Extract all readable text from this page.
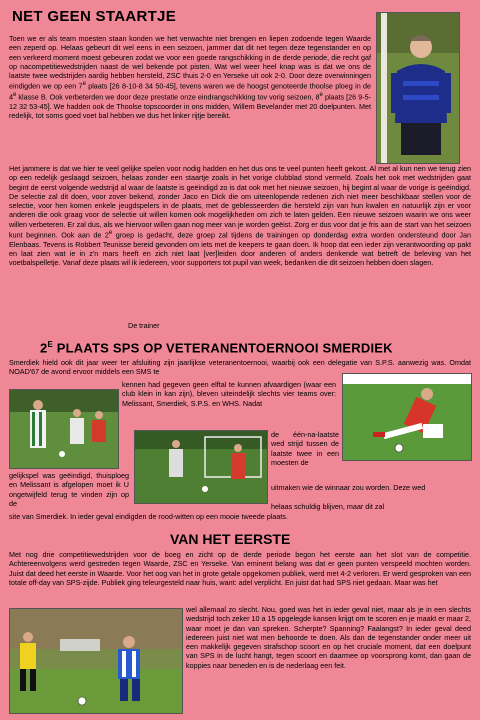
NET GEEN STAARTJE

Toen we er als team moesten staan konden we het verwachte niet brengen en liepen zodoende tegen Waarde een zeperd op. Helaas gebeurt dit wel eens in een seizoen, jammer dat dit net tegen deze tegenstander en op een verkeerd moment moest gebeuren zodat we voor een goede rangschikking in de derde periode, die recht gaf op nacompetitiewedstrijden naast de wel bekende pot pisten. Wat wel weer heel knap was is dat we ons de laatste twee wedstrijden aardig hebben hersteld, ZSC thuis 2-0 en Yerseke uit ook 2-0. Door deze overwinningen eindigden we op een 7e plaats [26 8-10-8 34 50-45], tevens waren we de hoogst genoteerde thoolse ploeg in de 4e klasse B. Ook verbeterden we door deze prestatie onze eindrangschikking tov vorig seizoen, 8e plaats [26 9-5-12 32 53-45]. We hadden ook de Thoolse topscoorder in ons midden, Willem Bevelander met 20 doelpunten. Met redelijk, tot soms goed voet bal hebben we dus het linker rijtje bereikt.

Het jammere is dat we hier te veel gelijke spelen voor nodig hadden en het dus ons te veel punten heeft gekost. Al met al kun nen we terug zien op een redelijk geslaagd seizoen, helaas zonder een staartje zoals in het vorige clubblad stond vermeld. Zoals het ook met wedstrijden gaat begint de eerst volgende wedstrijd al waar de laatste is geëindigd zo is dat ook met het nieuwe seizoen, hij begint al waar de vorige is geëindigd. De selectie zal dit doen, voor zover bekend, zonder Jaco en Dick die om uiteenlopende redenen zich niet meer beschikbaar stellen voor de selectie, voor hen komen enkele jeugdspelers in de plaats, met de geblesseerden die hersteld zijn van hun kwalen en natuurlijk zijn er voor anderen die ook graag voor de selectie uit willen komen ook mogelijkheden om zich te laten gelden. Een nieuwe seizoen waarin we ons weer willen verbeteren. Er zal dus, als we hiervoor willen gaan nog meer van je worden geëist. Zorg er dus voor dat je fris aan de start van het seizoen kunt beginnen. Ook aan de 2e groep is gedacht, deze groep zal tijdens de trainingen op donderdag extra worden ondersteund door Jan Elenbaas. Tevens is Robbert Teunisse bereid gevonden om iets met de keepers te gaan doen. Ik hoop dat een ieder zijn verantwoording op pakt en laat zien wat ie in z'n mars heeft en zich niet laat [ver]leiden door anderen of anders denkende wat betreft de beleving van het voetbalspelletje. Vanaf deze plaats wil ik iedereen, voor supporters tot pupil van week, bedanken die dit seizoen hebben doen slagen.

De trainer
$2^E$ PLAATS SPS OP VETERANENTOERNOOI SMERDIEK
Smerdiek hield ook dit jaar weer ter afsluiting zijn jaarlijkse veteranentoernooi, waarbij ook een delegatie van S.P.S. aanwezig was. Omdat NOAD'67 de avond ervoor middels een SMS te
kennen had gegeven geen elftal te kunnen afvaardigen (waar een club klein in kan zijn), bleven uiteindelijk slechts vier teams over: Melissant, Smerdiek, S.P.S. en WHS. Nadat
de één-na-laatste wed strijd tussen de laatste twee in een moesten de
gelijkspel was geëindigd, thuisploeg en Melissant is afgelopen moet ik U ongetwijfeld terug te vinden zijn op de
uitmaken wie de winnaar zou worden. Deze wed
helaas schuldig blijven, maar dit zal
site van Smerdiek. In ieder geval eindigden de rood-witten op een mooie tweede plaats.
VAN HET EERSTE
Met nog drie competitiewedstrijden voor de boeg en zicht op de derde periode begon het eerste aan het slot van de competitie. Achtereenvolgens werd gestreden tegen Waarde, ZSC en Yerseke. Van eminent belang was dat er geen punten verspeeld mochten worden. Juist dat deed het eerste in Waarde. Voor het oog van het in grote getale opgekomen publiek, werd met 4-2 verloren. Er werd gesproken van een totale off-day van SPS-zijde. Publiek ging teleurgesteld naar huis, want: adel verplicht. En juist dat had SPS niet gedaan. Maar was het
wel allemaal zo slecht. Nou, goed was het in ieder geval niet, maar als je in een slechts wedstrijd toch zeker 10 a 15 opgelegde kansen krijgt om te scoren en je maakt er maar 2, waar moet je dan van spreken. Scherpte? Spanning? Faalangst? In ieder geval deed iedereen juist niet wat men behoorde te doen. Als dan de tegenstander onder meer uit een makkelijk gegeven strafschop scoort en op het cruciale moment, dat een doelpunt van SPS in de lucht hangt, tegen scoort en daarmee op voorsprong komt, dan gaan de koppies naar beneden en is de nederlaag een feit.
